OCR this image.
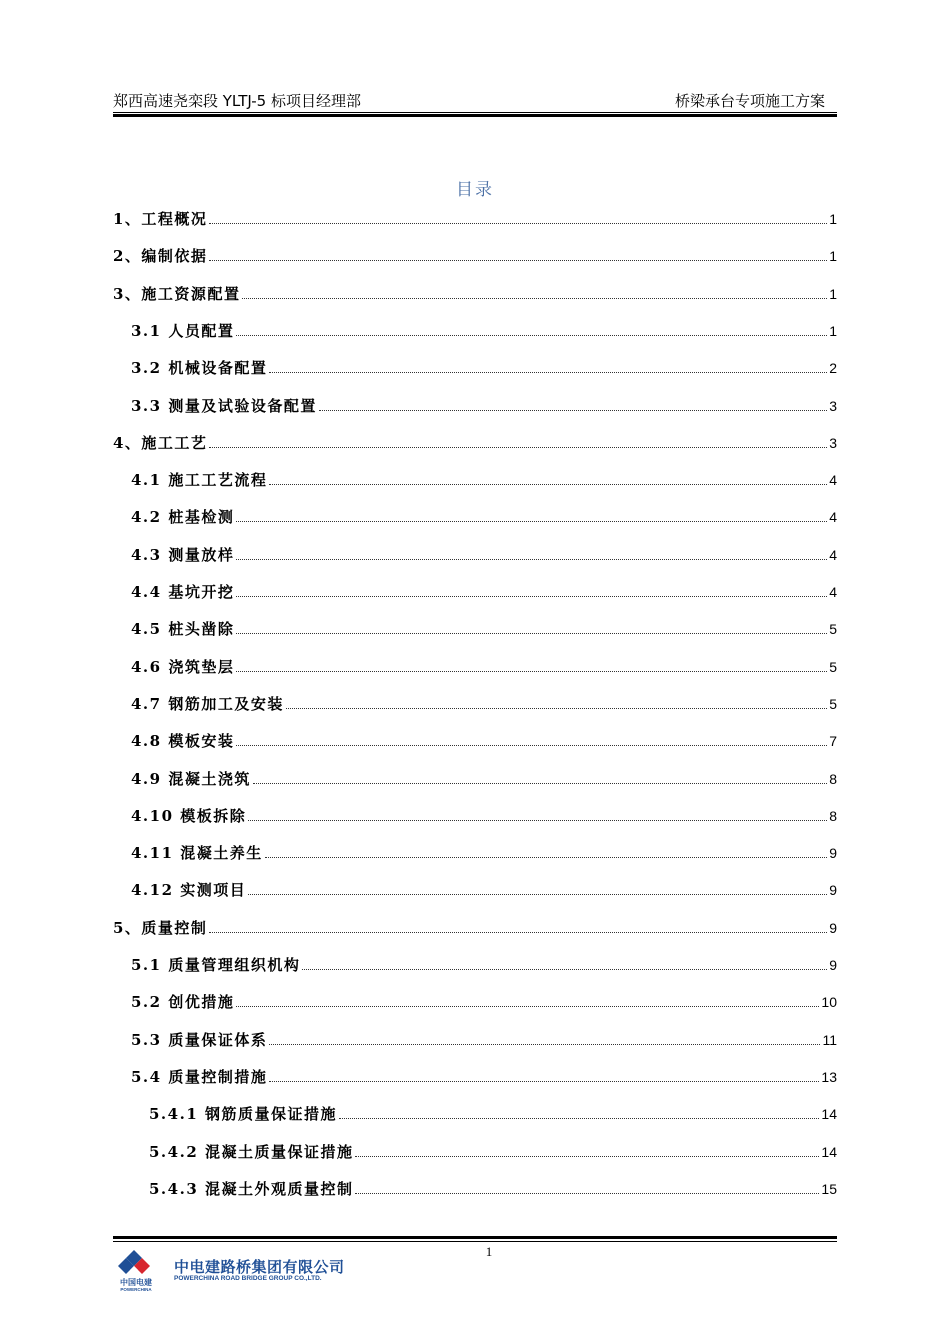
郑西高速尧栾段 YLTJ-5 标项目经理部	桥梁承台专项施工方案
目录
1、工程概况	1
2、编制依据	1
3、施工资源配置	1
3.1 人员配置	1
3.2 机械设备配置	2
3.3 测量及试验设备配置	3
4、施工工艺	3
4.1 施工工艺流程	4
4.2 桩基检测	4
4.3 测量放样	4
4.4 基坑开挖	4
4.5 桩头凿除	5
4.6 浇筑垫层	5
4.7 钢筋加工及安装	5
4.8 模板安装	7
4.9 混凝土浇筑	8
4.10 模板拆除	8
4.11 混凝土养生	9
4.12 实测项目	9
5、质量控制	9
5.1 质量管理组织机构	9
5.2 创优措施	10
5.3 质量保证体系	11
5.4 质量控制措施	13
5.4.1 钢筋质量保证措施	14
5.4.2 混凝土质量保证措施	14
5.4.3 混凝土外观质量控制	15
1
中国电建
POWERCHINA
中电建路桥集团有限公司
POWERCHINA ROAD BRIDGE GROUP CO.,LTD.
